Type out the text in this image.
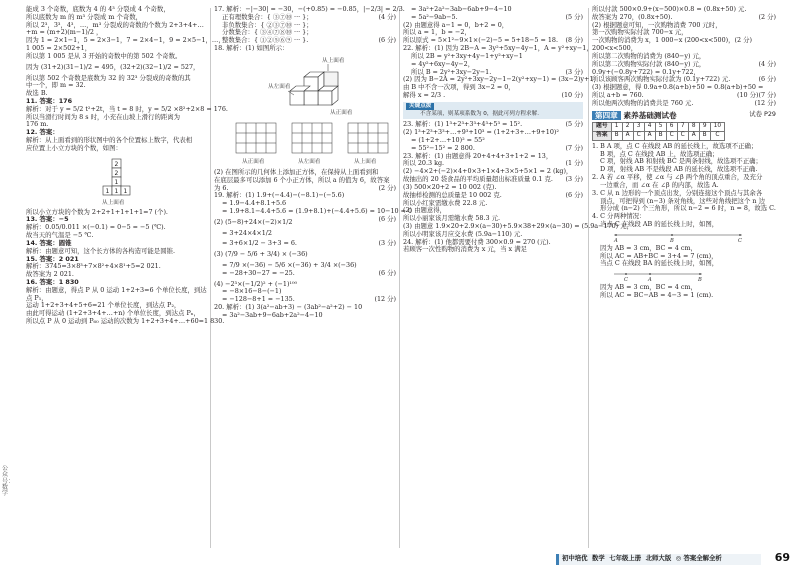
公众号：数学
能成 3 个奇数，底数为 4 的 4³ 分裂成 4 个奇数，
所以底数为 m 的 m³ 分裂成 m 个奇数，
所以 2³，3³，4³，…，m³ 分裂成的奇数的个数为 2+3+4+…
+m = (m+2)(m−1)/2 ，
因为 1 = 2×1−1，5 = 2×3−1，7 = 2×4−1，9 = 2×5−1，…，
1 005 = 2×502+1，
所以第 1 005 是从 3 开始的奇数中的第 502 个奇数。
因为 (31+2)(31−1)/2 = 495，(32+2)(32−1)/2 = 527，
所以第 502 个奇数是底数为 32 的 32³ 分裂成的奇数的其
中一个，即 m = 32.
故选 B.
11. 答案：176
解析：对于 y = 5/2 t²+2t，当 t = 8 时，y = 5/2 ×8²+2×8 = 176.
所以当滑行时间为 8 s 时，小充在山坡上滑行的距离为
176 m.
12. 答案：
解析：从上面看到的形状图中的各个位置标上数字，代表相
应位置上小立方块的个数，如图：
2
2
1
1 1 1
从上面看
所以小立方块的个数为 2+2+1+1+1+1=7 (个).
13. 答案：−5
解析：0.05/0.011 ×(−0.1) = 0−5 = −5 (℃).
故当天的气温是 −5 ℃.
14. 答案：圆锥
解析：由题意可知，这个长方体的各构造可能是圆锥.
15. 答案：2 021
解析：3745=3×8³+7×8²+4×8¹+5=2 021.
故答案为 2 021.
16. 答案：1 830
解析：由题意，得点 P 从 0 运动 1+2+3=6 个单位长度，到达
点 P₁，
运动 1+2+3+4+5+6=21 个单位长度，到达点 P₂，
由此可得运动 (1+2+3+4+…+n) 个单位长度，到达点 Pₙ，
所以点 P 从 0 运动到 P₆₀ 运动的次数为 1+2+3+4+…+60=1 830.
17. 解析：−|−30| = −30，−(+0.85) = −0.85，|−2/3| = 2/3.
(4 分)
正有理数集合：{ ③⑦⑩ ··· }；
非负数集合：{ ②③⑦⑩ ··· }；
分数集合：{ ③④⑦⑧⑩ ··· }；
整数集合：{ ①②⑤⑥⑨ ··· }.	(6 分)
18. 解析：(1) 如图所示：
从上面看
从左面看
从正面看
从正面看	从左面看	从上面看
(2) 在图所示的几何体上添加正方体，在保持从上面看到和
在底层最多可以添加 6 个小正方体，所以 a 的值为 6，故答案
(2 分)
为 6.
19. 解析：(1) 1.9+(−4.4)−(−8.1)−(−5.6)
= 1.9−4.4+8.1+5.6
= 1.9+8.1−4.4+5.6 = (1.9+8.1)+(−4.4+5.6) = 10−10 = 0
(6 分)
(2) (5−8)+24×(−2)×1/2
= 3+24×4×1/2
= 3+6×1/2 − 3+3 = 6.	(3 分)
(3) (7/9 − 5/6 + 3/4) × (−36)
= 7/9 ×(−36) − 5/6 ×(−36) + 3/4 ×(−36)
= −28+30−27 = −25.	(6 分)
(4) −2³×(−1/2)² + (−1)¹⁰⁰
= −8×16−8−(−1)
= −128−8+1 = −135.	(12 分)
20. 解析：(1) 3(a²−ab+3) − (3ab²−a²+2) − 10
= 3a²−3ab+9−6ab+2a²−4−10
= 3a²+2a²−3ab−6ab+9−4−10
= 5a²−9ab−5.	(5 分)
(2) 由题意得 a−1 = 0，b+2 = 0，
所以 a = 1，b = −2，
所以原式 = 5×1²−9×1×(−2)−5 = 5+18−5 = 18. (8 分)
22. 解析：(1) 因为 2B−A = 3y²+5xy−4y−1，A = y²+xy−1，
所以 2B = y²+3xy+4y−1+y²+xy−1
= 4y²+6xy−4y−2，
所以 B = 2y²+3xy−2y−1.	(3 分)
(2) 因为 B−2A = 2y²+3xy−2y−1−2(y²+xy−1) = (3x−2)y+1，
由 B 中不含一次项，得到 3x−2 = 0，
解得 x = 2/3 .	(10 分)
关键点拨
不含某项，则某项系数为 0，据此可列方程求解.
23. 解析：(1) 1³+2³+3³+4³+5³ = 15².	(5 分)
(2) 1³+2³+3³+…+9³+10³ = (1+2+3+…+9+10)²
= (1+2+…+10)² = 55²
= 55²−15² = 2 800.	(7 分)
23. 解析：(1) 由题意得 20+4+4+3+1+2 = 13，
所以 20.3 kg.	(1 分)
(2) −4×2+(−2)×4+0×3+1×4+3×5+5×1 = 2 (kg)，
故抽出的 20 袋食品的平均质量超出标准质量 0.1 克. (3 分)
(3) 500×20+2 = 10 002 (克).
故抽样检测的总质量是 10 002 克.	(6 分)
所以小红家需缴水费 22.8 元.
(2) 由题意得，
所以小丽家该月需缴水费 58.3 元.
(3) 由题意 1.9×20+2.9×(a−30)+5.9×38+29×(a−30) = (5.9a−170) 元，
所以小明家该月应交水费 (5.9a−110) 元.
24. 解析：(1) 他都需要付费 300×0.9 = 270 (元).
若顾客一次性购物的消费为 x 元，当 x 满足
所以付款 500×0.9+(x−500)×0.8 = (0.8x+50) 元.
故答案为 270，(0.8x+50).	(2 分)
(2) 根据题意可知，一次购物消费 700 元时，
第一次购物实际付款 700−x 元，
一次购物的消费为 x，1 000−x (200<x<500)，(2 分)
200<x<500，
所以第二次购物的消费为 (840−y) 元，
所以第二次购物实际付款 (840−y) 元，	(4 分)
0.9y+(−0.8y+722) = 0.1y+722，
所以该顾客两次购物实际付款为 (0.1y+722) 元.	(6 分)
(3) 根据题意，得 0.9a+0.8(a+b)+50 = 0.8(a+b)+50 =
(7 分)
所以 a+b = 760.	(10 分)
所以他两次购物的消费共是 760 元.	(12 分)
第四章 素养基础测试卷	试卷 P29
题号	1	2	3	4	5	6	7	8	9	10
答案	B	A	C	A	B	C	C	A	B	C
1. B A 项，点 C 在线段 AB 的延长线上，故选项不正确；
B 项，点 C 在线段 AB 上，故选项正确；
C 项，射线 AB 和射线 BC 是两条射线，故选项不正确；
D 项，射线 AB 不是线段 AB 的延长线，故选项不正确.
2. A 若 ∠α 平移，使 ∠α 与 ∠β 两个角的顶点重合，及充分
一边重合，而 ∠α 在 ∠β 的内部，故选 A.
3. C 从 n 边形的一个顶点出发，分别连接这个顶点与其余各
顶点，可把得到 (n−3) 条对角线，这些对角线把这个 n 边
形分成 (n−2) 个三角形，所以 n−2 = 6 时，n = 8，故选 C.
4. C 分两种情况：
当点 C 在线段 AB 的延长线上时，如图，
A	B	C
因为 AB = 3 cm，BC = 4 cm，
所以 AC = AB+BC = 3+4 = 7 (cm)，
当点 C 在线段 BA 的延长线上时，如图，
C	A	B
因为 AB = 3 cm，BC = 4 cm，
所以 AC = BC−AB = 4−3 = 1 (cm).
初中培优 数学 七年级上册 北师大版 ◎ 答案全解全析	69
